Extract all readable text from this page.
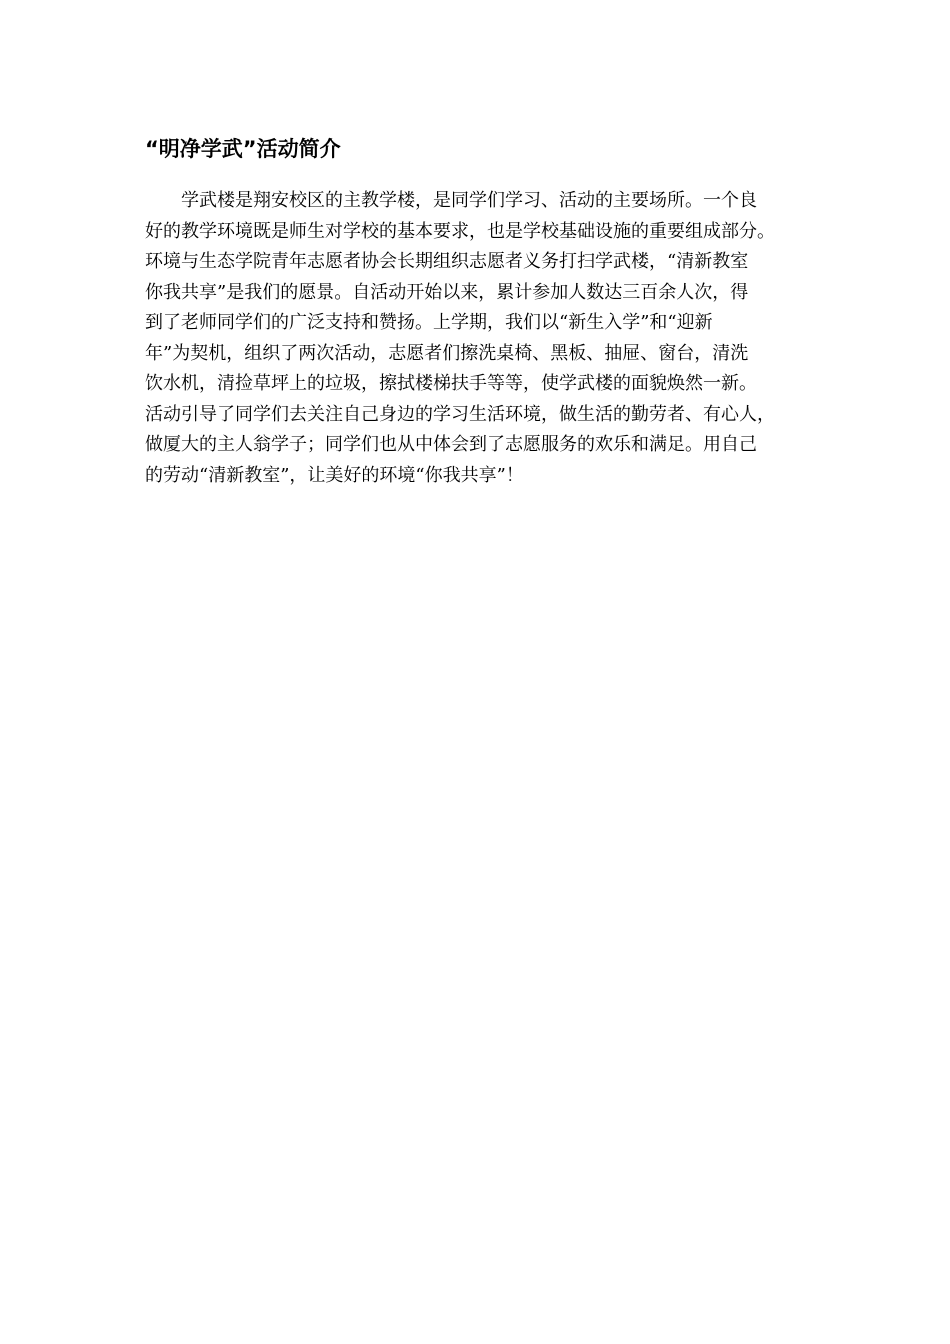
“明净学武”活动简介
学武楼是翔安校区的主教学楼，是同学们学习、活动的主要场所。一个良
好的教学环境既是师生对学校的基本要求，也是学校基础设施的重要组成部分。
环境与生态学院青年志愿者协会长期组织志愿者义务打扫学武楼，“清新教室
你我共享”是我们的愿景。自活动开始以来，累计参加人数达三百余人次，得
到了老师同学们的广泛支持和赞扬。上学期，我们以“新生入学”和“迎新
年”为契机，组织了两次活动，志愿者们擦洗桌椅、黑板、抽屉、窗台，清洗
饮水机，清捡草坪上的垃圾，擦拭楼梯扶手等等，使学武楼的面貌焕然一新。
活动引导了同学们去关注自己身边的学习生活环境，做生活的勤劳者、有心人，
做厦大的主人翁学子；同学们也从中体会到了志愿服务的欢乐和满足。用自己
的劳动“清新教室”，让美好的环境“你我共享”！
